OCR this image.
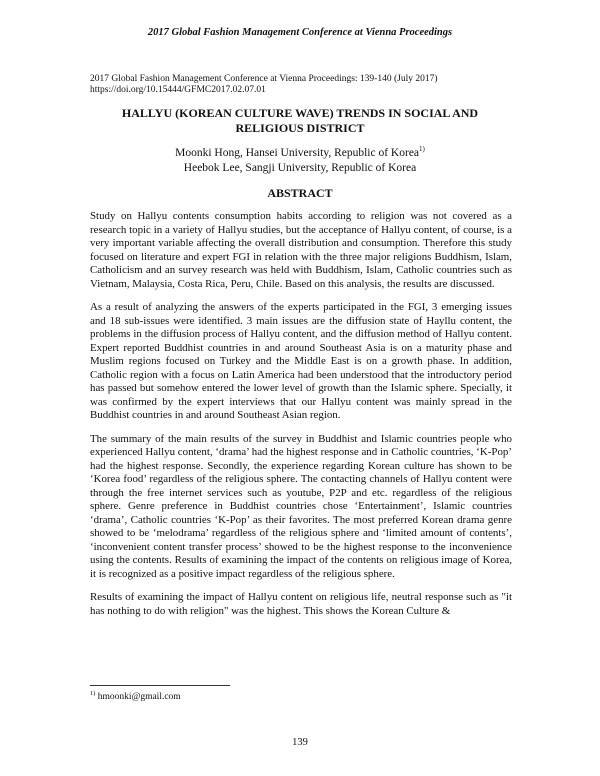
2017 Global Fashion Management Conference at Vienna Proceedings
2017 Global Fashion Management Conference at Vienna Proceedings: 139-140 (July 2017)
https://doi.org/10.15444/GFMC2017.02.07.01
HALLYU (KOREAN CULTURE WAVE) TRENDS IN SOCIAL AND
RELIGIOUS DISTRICT
Moonki Hong, Hansei University, Republic of Korea$^{1)}$
Heebok Lee, Sangji University, Republic of Korea
ABSTRACT

Study on Hallyu contents consumption habits according to religion was not covered as a research topic in a variety of Hallyu studies, but the acceptance of Hallyu content, of course, is a very important variable affecting the overall distribution and consumption. Therefore this study focused on literature and expert FGI in relation with the three major religions Buddhism, Islam, Catholicism and an survey research was held with Buddhism, Islam, Catholic countries such as Vietnam, Malaysia, Costa Rica, Peru, Chile. Based on this analysis, the results are discussed.

As a result of analyzing the answers of the experts participated in the FGI, 3 emerging issues and 18 sub-issues were identified. 3 main issues are the diffusion state of Hayllu content, the problems in the diffusion process of Hallyu content, and the diffusion method of Hallyu content. Expert reported Buddhist countries in and around Southeast Asia is on a maturity phase and Muslim regions focused on Turkey and the Middle East is on a growth phase. In addition, Catholic region with a focus on Latin America had been understood that the introductory period has passed but somehow entered the lower level of growth than the Islamic sphere. Specially, it was confirmed by the expert interviews that our Hallyu content was mainly spread in the Buddhist countries in and around Southeast Asian region.

The summary of the main results of the survey in Buddhist and Islamic countries people who experienced Hallyu content, ‘drama’ had the highest response and in Catholic countries, ‘K-Pop’ had the highest response. Secondly, the experience regarding Korean culture has shown to be ‘Korea food’ regardless of the religious sphere. The contacting channels of Hallyu content were through the free internet services such as youtube, P2P and etc. regardless of the religious sphere. Genre preference in Buddhist countries chose ‘Entertainment’, Islamic countries ‘drama’, Catholic countries ‘K-Pop’ as their favorites. The most preferred Korean drama genre showed to be ‘melodrama’ regardless of the religious sphere and ‘limited amount of contents’, ‘inconvenient content transfer process’ showed to be the highest response to the inconvenience using the contents. Results of examining the impact of the contents on religious image of Korea, it is recognized as a positive impact regardless of the religious sphere.

Results of examining the impact of Hallyu content on religious life, neutral response such as "it has nothing to do with religion" was the highest. This shows the Korean Culture &

$^{1)}$ hmoonki@gmail.com
139
